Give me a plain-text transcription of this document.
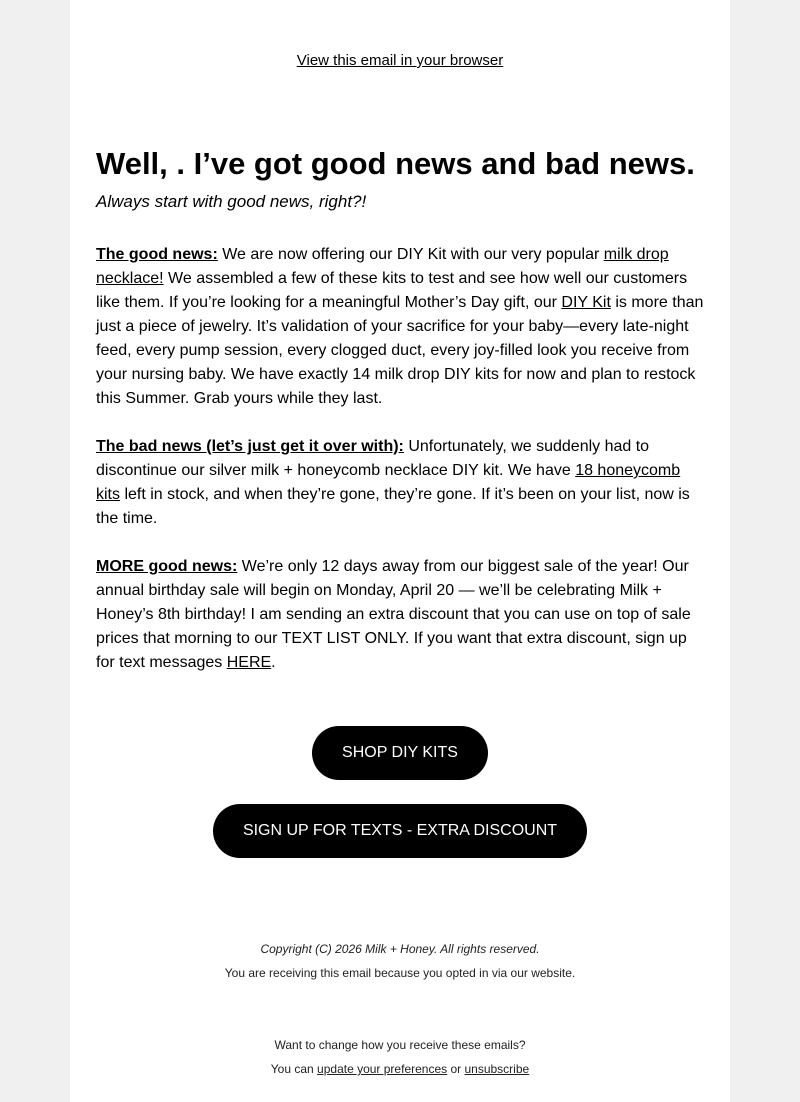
View this email in your browser
Well, . I’ve got good news and bad news.

Always start with good news, right?!

The good news: We are now offering our DIY Kit with our very popular milk drop necklace! We assembled a few of these kits to test and see how well our customers like them. If you’re looking for a meaningful Mother’s Day gift, our DIY Kit is more than just a piece of jewelry. It’s validation of your sacrifice for your baby—every late-night feed, every pump session, every clogged duct, every joy-filled look you receive from your nursing baby. We have exactly 14 milk drop DIY kits for now and plan to restock this Summer. Grab yours while they last.

The bad news (let’s just get it over with): Unfortunately, we suddenly had to discontinue our silver milk + honeycomb necklace DIY kit. We have 18 honeycomb kits left in stock, and when they’re gone, they’re gone. If it’s been on your list, now is the time.

MORE good news: We’re only 12 days away from our biggest sale of the year! Our annual birthday sale will begin on Monday, April 20 — we’ll be celebrating Milk + Honey’s 8th birthday! I am sending an extra discount that you can use on top of sale prices that morning to our TEXT LIST ONLY. If you want that extra discount, sign up for text messages HERE.

SHOP DIY KITS
SIGN UP FOR TEXTS - EXTRA DISCOUNT
Copyright (C) 2026 Milk + Honey. All rights reserved.
You are receiving this email because you opted in via our website.
Want to change how you receive these emails?
You can update your preferences or unsubscribe
